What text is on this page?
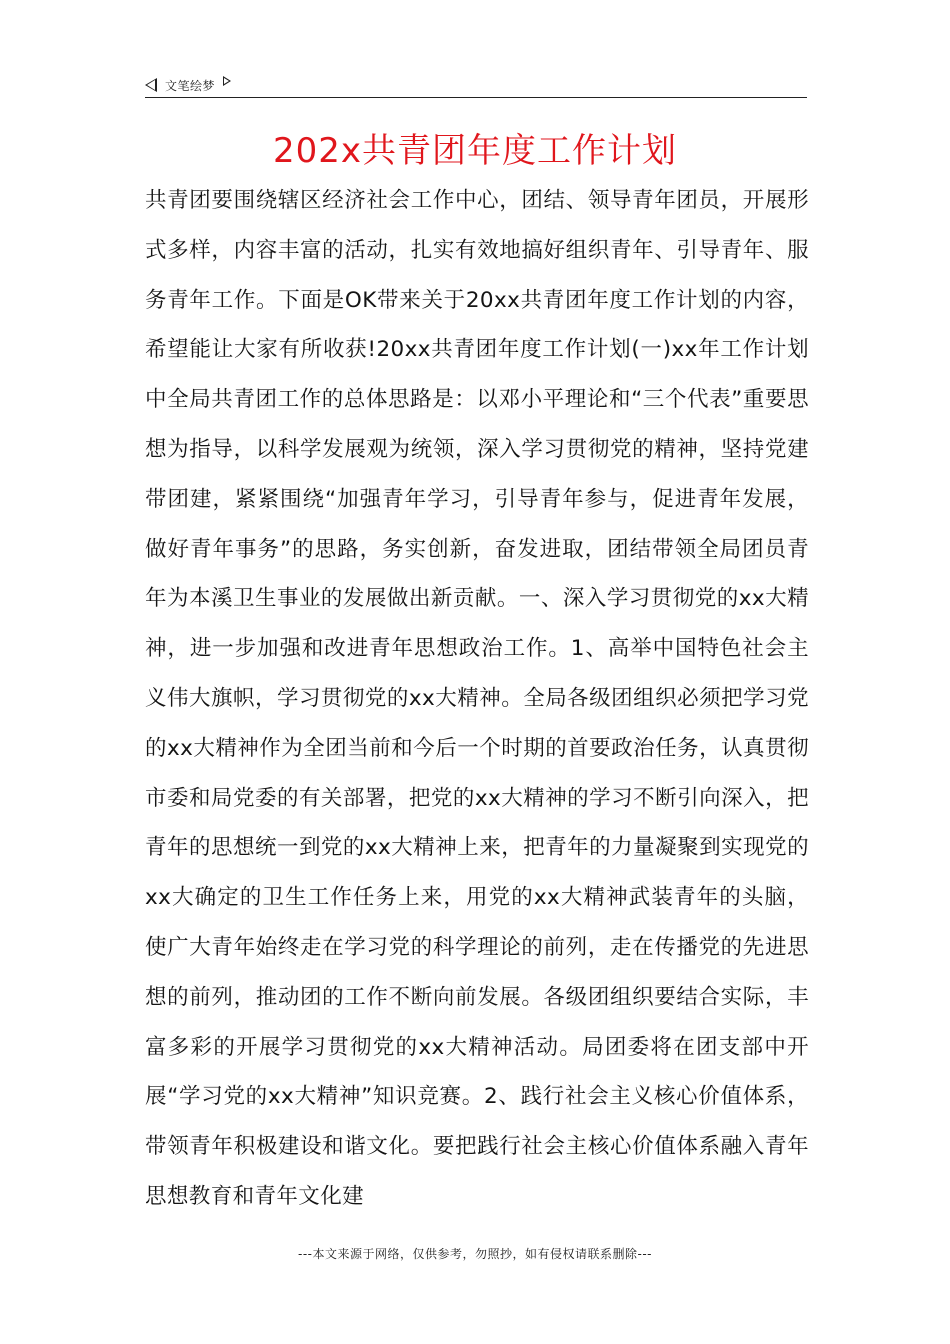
文笔绘梦
202x共青团年度工作计划
共青团要围绕辖区经济社会工作中心，团结、领导青年团员，开展形式多样，内容丰富的活动，扎实有效地搞好组织青年、引导青年、服务青年工作。下面是OK带来关于20xx共青团年度工作计划的内容，希望能让大家有所收获!20xx共青团年度工作计划(一)xx年工作计划中全局共青团工作的总体思路是：以邓小平理论和“三个代表”重要思想为指导，以科学发展观为统领，深入学习贯彻党的精神，坚持党建带团建，紧紧围绕“加强青年学习，引导青年参与，促进青年发展，做好青年事务”的思路，务实创新，奋发进取，团结带领全局团员青年为本溪卫生事业的发展做出新贡献。一、深入学习贯彻党的xx大精神，进一步加强和改进青年思想政治工作。1、高举中国特色社会主义伟大旗帜，学习贯彻党的xx大精神。全局各级团组织必须把学习党的xx大精神作为全团当前和今后一个时期的首要政治任务，认真贯彻市委和局党委的有关部署，把党的xx大精神的学习不断引向深入，把青年的思想统一到党的xx大精神上来，把青年的力量凝聚到实现党的xx大确定的卫生工作任务上来，用党的xx大精神武装青年的头脑，使广大青年始终走在学习党的科学理论的前列，走在传播党的先进思想的前列，推动团的工作不断向前发展。各级团组织要结合实际，丰富多彩的开展学习贯彻党的xx大精神活动。局团委将在团支部中开展“学习党的xx大精神”知识竞赛。2、践行社会主义核心价值体系，带领青年积极建设和谐文化。要把践行社会主核心价值体系融入青年思想教育和青年文化建
---本文来源于网络，仅供参考，勿照抄，如有侵权请联系删除---
